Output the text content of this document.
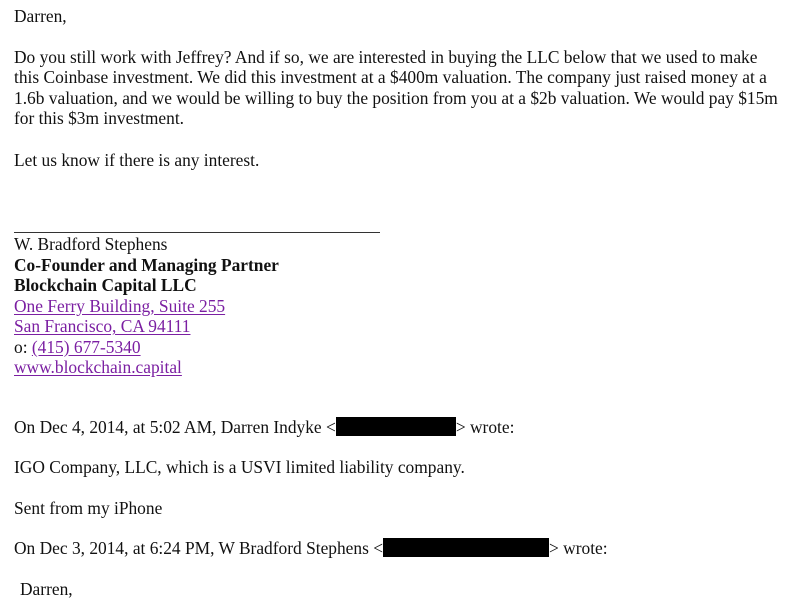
Darren,
Do you still work with Jeffrey? And if so, we are interested in buying the LLC below that we used to make this Coinbase investment. We did this investment at a $400m valuation. The company just raised money at a 1.6b valuation, and we would be willing to buy the position from you at a $2b valuation. We would pay $15m for this $3m investment.
Let us know if there is any interest.
W. Bradford Stephens
Co-Founder and Managing Partner
Blockchain Capital LLC
One Ferry Building, Suite 255
San Francisco, CA 94111
o: (415) 677-5340
www.blockchain.capital
On Dec 4, 2014, at 5:02 AM, Darren Indyke <	> wrote:
IGO Company, LLC, which is a USVI limited liability company.
Sent from my iPhone
On Dec 3, 2014, at 6:24 PM, W Bradford Stephens <	> wrote:
Darren,
